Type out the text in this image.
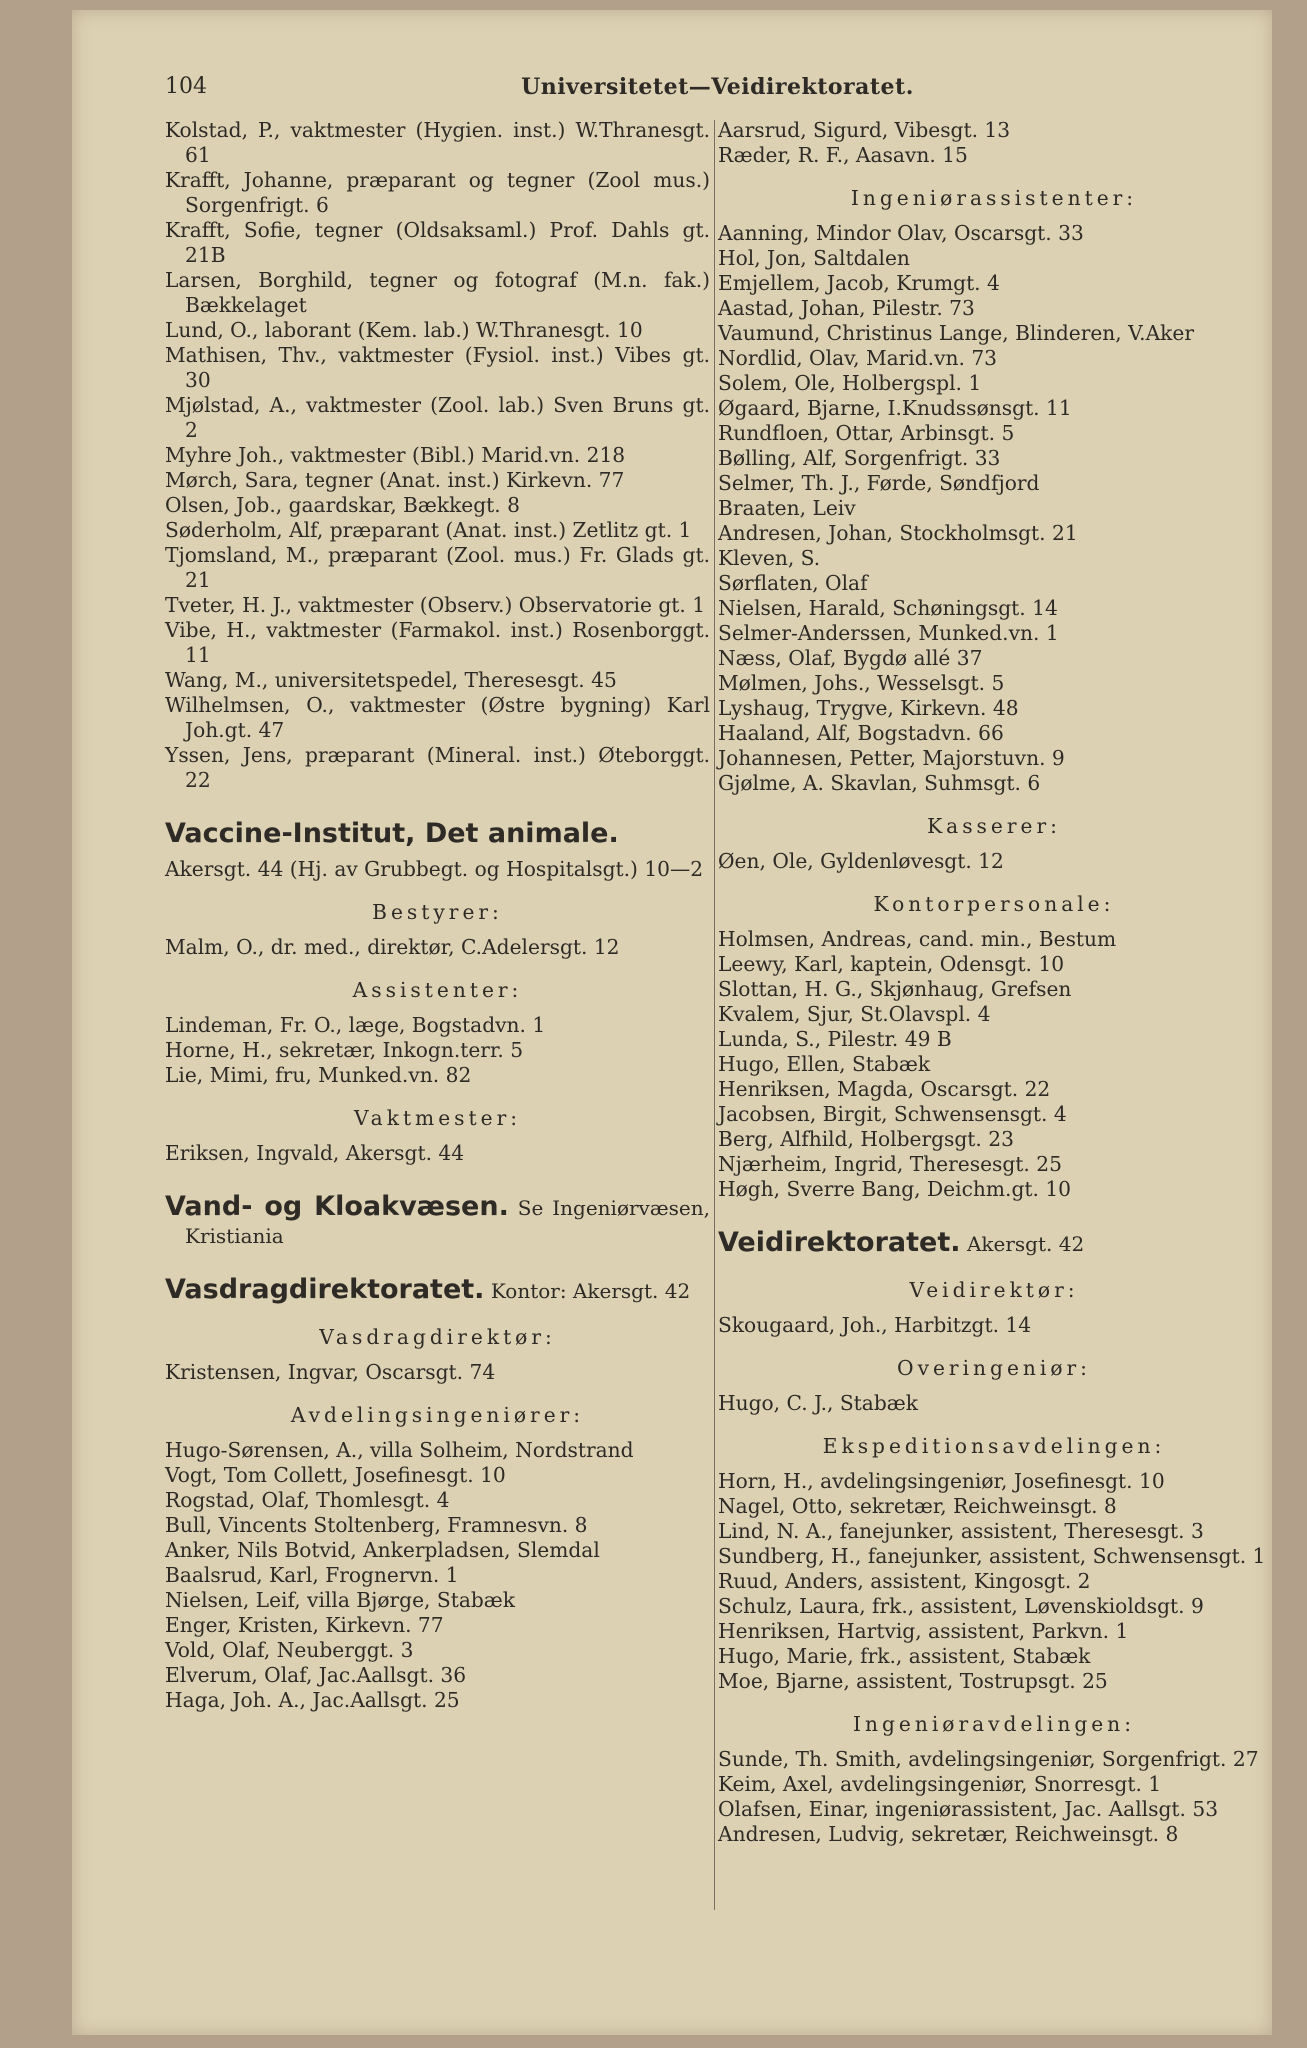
104	Universitetet—Veidirektoratet.

Kolstad, P., vaktmester (Hygien. inst.) W.Thranesgt. 61

Krafft, Johanne, præparant og tegner (Zool mus.) Sorgenfrigt. 6

Krafft, Sofie, tegner (Oldsaksaml.) Prof. Dahls gt. 21B

Larsen, Borghild, tegner og fotograf (M.n. fak.) Bækkelaget

Lund, O., laborant (Kem. lab.) W.Thranesgt. 10

Mathisen, Thv., vaktmester (Fysiol. inst.) Vibes gt. 30

Mjølstad, A., vaktmester (Zool. lab.) Sven Bruns gt. 2

Myhre Joh., vaktmester (Bibl.) Marid.vn. 218

Mørch, Sara, tegner (Anat. inst.) Kirkevn. 77

Olsen, Job., gaardskar, Bækkegt. 8

Søderholm, Alf, præparant (Anat. inst.) Zetlitz gt. 1

Tjomsland, M., præparant (Zool. mus.) Fr. Glads gt. 21

Tveter, H. J., vaktmester (Observ.) Observatorie gt. 1

Vibe, H., vaktmester (Farmakol. inst.) Rosenborggt. 11

Wang, M., universitetspedel, Theresesgt. 45

Wilhelmsen, O., vaktmester (Østre bygning) Karl Joh.gt. 47

Yssen, Jens, præparant (Mineral. inst.) Øteborggt. 22

Vaccine-Institut, Det animale.

Akersgt. 44 (Hj. av Grubbegt. og Hospitalsgt.) 10—2

Bestyrer:

Malm, O., dr. med., direktør, C.Adelersgt. 12

Assistenter:

Lindeman, Fr. O., læge, Bogstadvn. 1

Horne, H., sekretær, Inkogn.terr. 5

Lie, Mimi, fru, Munked.vn. 82

Vaktmester:

Eriksen, Ingvald, Akersgt. 44

Vand- og Kloakvæsen. Se Ingeniørvæsen, Kristiania

Vasdragdirektoratet. Kontor: Akersgt. 42

Vasdragdirektør:

Kristensen, Ingvar, Oscarsgt. 74

Avdelingsingeniører:

Hugo-Sørensen, A., villa Solheim, Nordstrand

Vogt, Tom Collett, Josefinesgt. 10

Rogstad, Olaf, Thomlesgt. 4

Bull, Vincents Stoltenberg, Framnesvn. 8

Anker, Nils Botvid, Ankerpladsen, Slemdal

Baalsrud, Karl, Frognervn. 1

Nielsen, Leif, villa Bjørge, Stabæk

Enger, Kristen, Kirkevn. 77

Vold, Olaf, Neuberggt. 3

Elverum, Olaf, Jac.Aallsgt. 36

Haga, Joh. A., Jac.Aallsgt. 25

Aarsrud, Sigurd, Vibesgt. 13

Ræder, R. F., Aasavn. 15

Ingeniørassistenter:

Aanning, Mindor Olav, Oscarsgt. 33

Hol, Jon, Saltdalen

Emjellem, Jacob, Krumgt. 4

Aastad, Johan, Pilestr. 73

Vaumund, Christinus Lange, Blinderen, V.Aker

Nordlid, Olav, Marid.vn. 73

Solem, Ole, Holbergspl. 1

Øgaard, Bjarne, I.Knudssønsgt. 11

Rundfloen, Ottar, Arbinsgt. 5

Bølling, Alf, Sorgenfrigt. 33

Selmer, Th. J., Førde, Søndfjord

Braaten, Leiv

Andresen, Johan, Stockholmsgt. 21

Kleven, S.

Sørflaten, Olaf

Nielsen, Harald, Schøningsgt. 14

Selmer-Anderssen, Munked.vn. 1

Næss, Olaf, Bygdø allé 37

Mølmen, Johs., Wesselsgt. 5

Lyshaug, Trygve, Kirkevn. 48

Haaland, Alf, Bogstadvn. 66

Johannesen, Petter, Majorstuvn. 9

Gjølme, A. Skavlan, Suhmsgt. 6

Kasserer:

Øen, Ole, Gyldenløvesgt. 12

Kontorpersonale:

Holmsen, Andreas, cand. min., Bestum

Leewy, Karl, kaptein, Odensgt. 10

Slottan, H. G., Skjønhaug, Grefsen

Kvalem, Sjur, St.Olavspl. 4

Lunda, S., Pilestr. 49 B

Hugo, Ellen, Stabæk

Henriksen, Magda, Oscarsgt. 22

Jacobsen, Birgit, Schwensensgt. 4

Berg, Alfhild, Holbergsgt. 23

Njærheim, Ingrid, Theresesgt. 25

Høgh, Sverre Bang, Deichm.gt. 10

Veidirektoratet. Akersgt. 42

Veidirektør:

Skougaard, Joh., Harbitzgt. 14

Overingeniør:

Hugo, C. J., Stabæk

Ekspeditionsavdelingen:

Horn, H., avdelingsingeniør, Josefinesgt. 10

Nagel, Otto, sekretær, Reichweinsgt. 8

Lind, N. A., fanejunker, assistent, Theresesgt. 3

Sundberg, H., fanejunker, assistent, Schwensensgt. 1

Ruud, Anders, assistent, Kingosgt. 2

Schulz, Laura, frk., assistent, Løvenskioldsgt. 9

Henriksen, Hartvig, assistent, Parkvn. 1

Hugo, Marie, frk., assistent, Stabæk

Moe, Bjarne, assistent, Tostrupsgt. 25

Ingeniøravdelingen:

Sunde, Th. Smith, avdelingsingeniør, Sorgenfrigt. 27

Keim, Axel, avdelingsingeniør, Snorresgt. 1

Olafsen, Einar, ingeniørassistent, Jac. Aallsgt. 53

Andresen, Ludvig, sekretær, Reichweinsgt. 8
